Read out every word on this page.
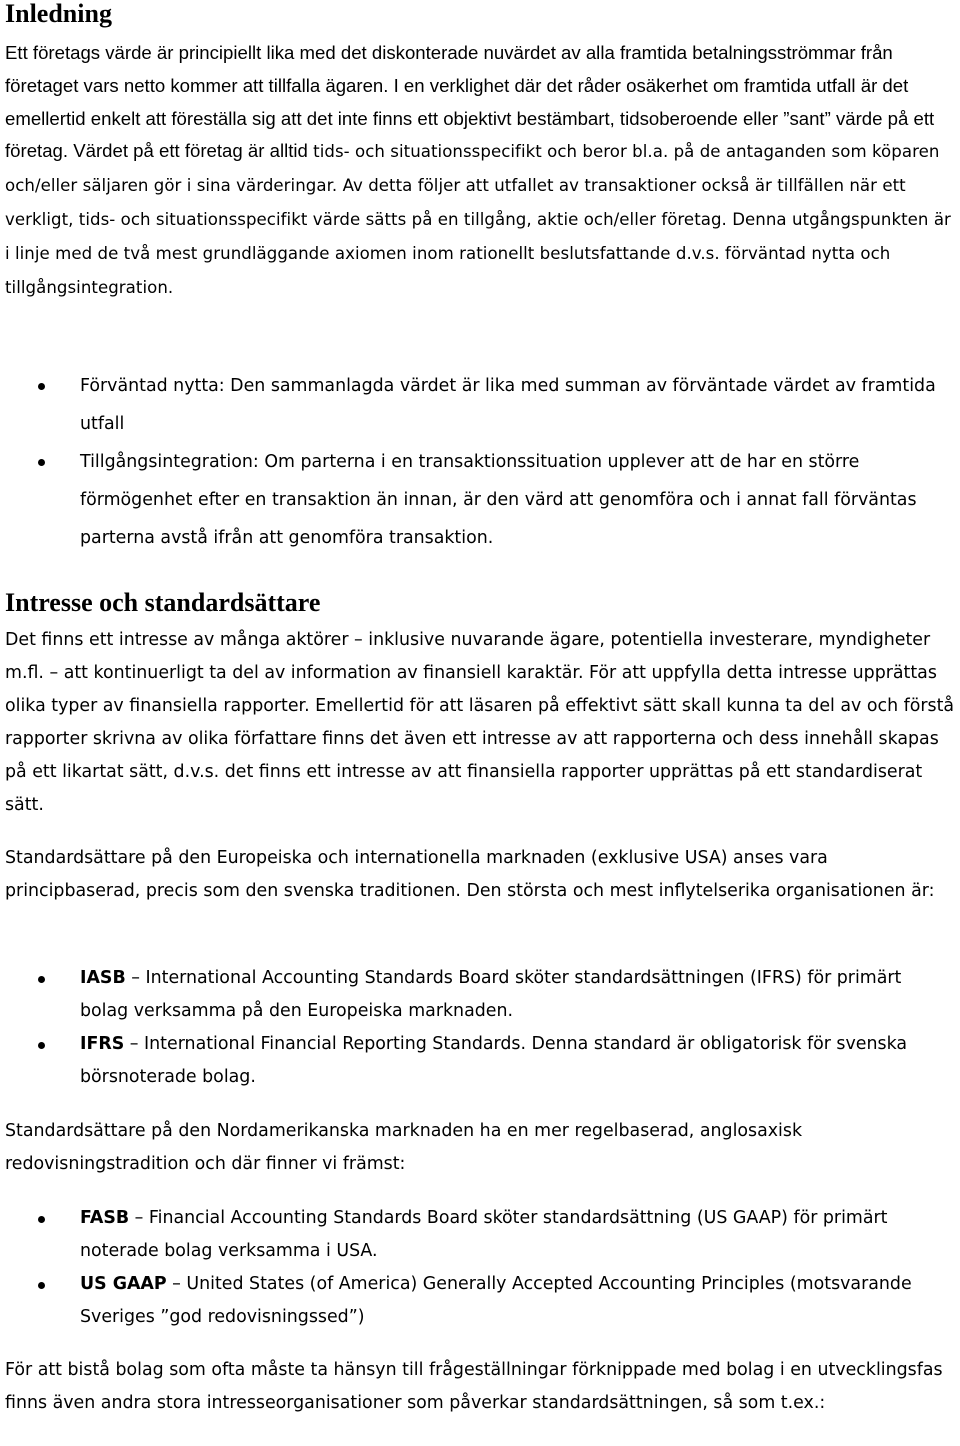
Inledning
Ett företags värde är principiellt lika med det diskonterade nuvärdet av alla framtida betalningsströmmar från företaget vars netto kommer att tillfalla ägaren. I en verklighet där det råder osäkerhet om framtida utfall är det emellertid enkelt att föreställa sig att det inte finns ett objektivt bestämbart, tidsoberoende eller ”sant” värde på ett företag. Värdet på ett företag är alltid tids- och situationsspecifikt och beror bl.a. på de antaganden som köparen och/eller säljaren gör i sina värderingar. Av detta följer att utfallet av transaktioner också är tillfällen när ett verkligt, tids- och situationsspecifikt värde sätts på en tillgång, aktie och/eller företag. Denna utgångspunkten är i linje med de två mest grundläggande axiomen inom rationellt beslutsfattande d.v.s. förväntad nytta och tillgångsintegration.
Förväntad nytta: Den sammanlagda värdet är lika med summan av förväntade värdet av framtida utfall
Tillgångsintegration: Om parterna i en transaktionssituation upplever att de har en större förmögenhet efter en transaktion än innan, är den värd att genomföra och i annat fall förväntas parterna avstå ifrån att genomföra transaktion.
Intresse och standardsättare
Det finns ett intresse av många aktörer – inklusive nuvarande ägare, potentiella investerare, myndigheter m.fl. – att kontinuerligt ta del av information av finansiell karaktär. För att uppfylla detta intresse upprättas olika typer av finansiella rapporter. Emellertid för att läsaren på effektivt sätt skall kunna ta del av och förstå rapporter skrivna av olika författare finns det även ett intresse av att rapporterna och dess innehåll skapas på ett likartat sätt, d.v.s. det finns ett intresse av att finansiella rapporter upprättas på ett standardiserat sätt.
Standardsättare på den Europeiska och internationella marknaden (exklusive USA) anses vara principbaserad, precis som den svenska traditionen. Den största och mest inflytelserika organisationen är:
IASB – International Accounting Standards Board sköter standardsättningen (IFRS) för primärt bolag verksamma på den Europeiska marknaden.
IFRS – International Financial Reporting Standards. Denna standard är obligatorisk för svenska börsnoterade bolag.
Standardsättare på den Nordamerikanska marknaden ha en mer regelbaserad, anglosaxisk redovisningstradition och där finner vi främst:
FASB – Financial Accounting Standards Board sköter standardsättning (US GAAP) för primärt noterade bolag verksamma i USA.
US GAAP – United States (of America) Generally Accepted Accounting Principles (motsvarande Sveriges ”god redovisningssed”)
För att bistå bolag som ofta måste ta hänsyn till frågeställningar förknippade med bolag i en utvecklingsfas finns även andra stora intresseorganisationer som påverkar standardsättningen, så som t.ex.:
